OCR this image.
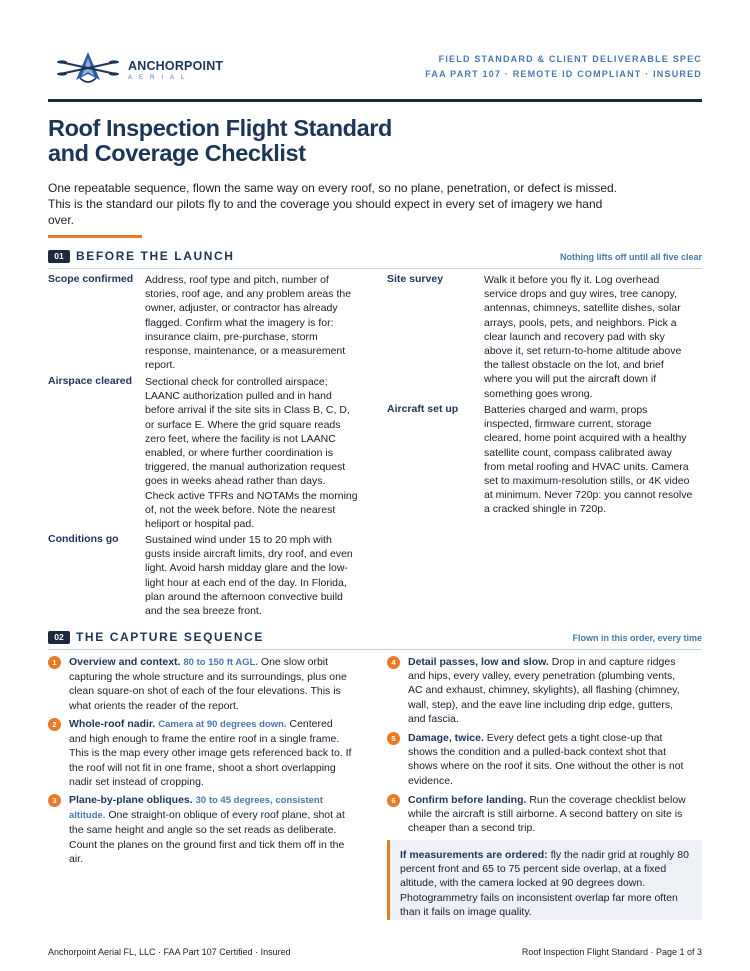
ANCHORPOINT
AERIAL
FIELD STANDARD & CLIENT DELIVERABLE SPEC
FAA PART 107 · REMOTE ID COMPLIANT · INSURED
Roof Inspection Flight Standard
and Coverage Checklist
One repeatable sequence, flown the same way on every roof, so no plane, penetration, or defect is missed.
This is the standard our pilots fly to and the coverage you should expect in every set of imagery we hand
over.
01	BEFORE THE LAUNCH	Nothing lifts off until all five clear
Scope confirmed	Address, roof type and pitch, number of
stories, roof age, and any problem areas the
owner, adjuster, or contractor has already
flagged. Confirm what the imagery is for:
insurance claim, pre-purchase, storm
response, maintenance, or a measurement
report.
Airspace cleared	Sectional check for controlled airspace;
LAANC authorization pulled and in hand
before arrival if the site sits in Class B, C, D,
or surface E. Where the grid square reads
zero feet, where the facility is not LAANC
enabled, or where further coordination is
triggered, the manual authorization request
goes in weeks ahead rather than days.
Check active TFRs and NOTAMs the morning
of, not the week before. Note the nearest
heliport or hospital pad.
Conditions go	Sustained wind under 15 to 20 mph with
gusts inside aircraft limits, dry roof, and even
light. Avoid harsh midday glare and the low-
light hour at each end of the day. In Florida,
plan around the afternoon convective build
and the sea breeze front.
Site survey	Walk it before you fly it. Log overhead
service drops and guy wires, tree canopy,
antennas, chimneys, satellite dishes, solar
arrays, pools, pets, and neighbors. Pick a
clear launch and recovery pad with sky
above it, set return-to-home altitude above
the tallest obstacle on the lot, and brief
where you will put the aircraft down if
something goes wrong.
Aircraft set up	Batteries charged and warm, props
inspected, firmware current, storage
cleared, home point acquired with a healthy
satellite count, compass calibrated away
from metal roofing and HVAC units. Camera
set to maximum-resolution stills, or 4K video
at minimum. Never 720p: you cannot resolve
a cracked shingle in 720p.
02	THE CAPTURE SEQUENCE	Flown in this order, every time
1	Overview and context. 80 to 150 ft AGL. One slow orbit
capturing the whole structure and its surroundings, plus one
clean square-on shot of each of the four elevations. This is
what orients the reader of the report.
2	Whole-roof nadir. Camera at 90 degrees down. Centered
and high enough to frame the entire roof in a single frame.
This is the map every other image gets referenced back to. If
the roof will not fit in one frame, shoot a short overlapping
nadir set instead of cropping.
3	Plane-by-plane obliques. 30 to 45 degrees, consistent
altitude. One straight-on oblique of every roof plane, shot at
the same height and angle so the set reads as deliberate.
Count the planes on the ground first and tick them off in the
air.
4	Detail passes, low and slow. Drop in and capture ridges
and hips, every valley, every penetration (plumbing vents,
AC and exhaust, chimney, skylights), all flashing (chimney,
wall, step), and the eave line including drip edge, gutters,
and fascia.
5	Damage, twice. Every defect gets a tight close-up that
shows the condition and a pulled-back context shot that
shows where on the roof it sits. One without the other is not
evidence.
6	Confirm before landing. Run the coverage checklist below
while the aircraft is still airborne. A second battery on site is
cheaper than a second trip.
If measurements are ordered: fly the nadir grid at roughly 80
percent front and 65 to 75 percent side overlap, at a fixed
altitude, with the camera locked at 90 degrees down.
Photogrammetry fails on inconsistent overlap far more often
than it fails on image quality.
Anchorpoint Aerial FL, LLC · FAA Part 107 Certified · Insured	Roof Inspection Flight Standard · Page 1 of 3
